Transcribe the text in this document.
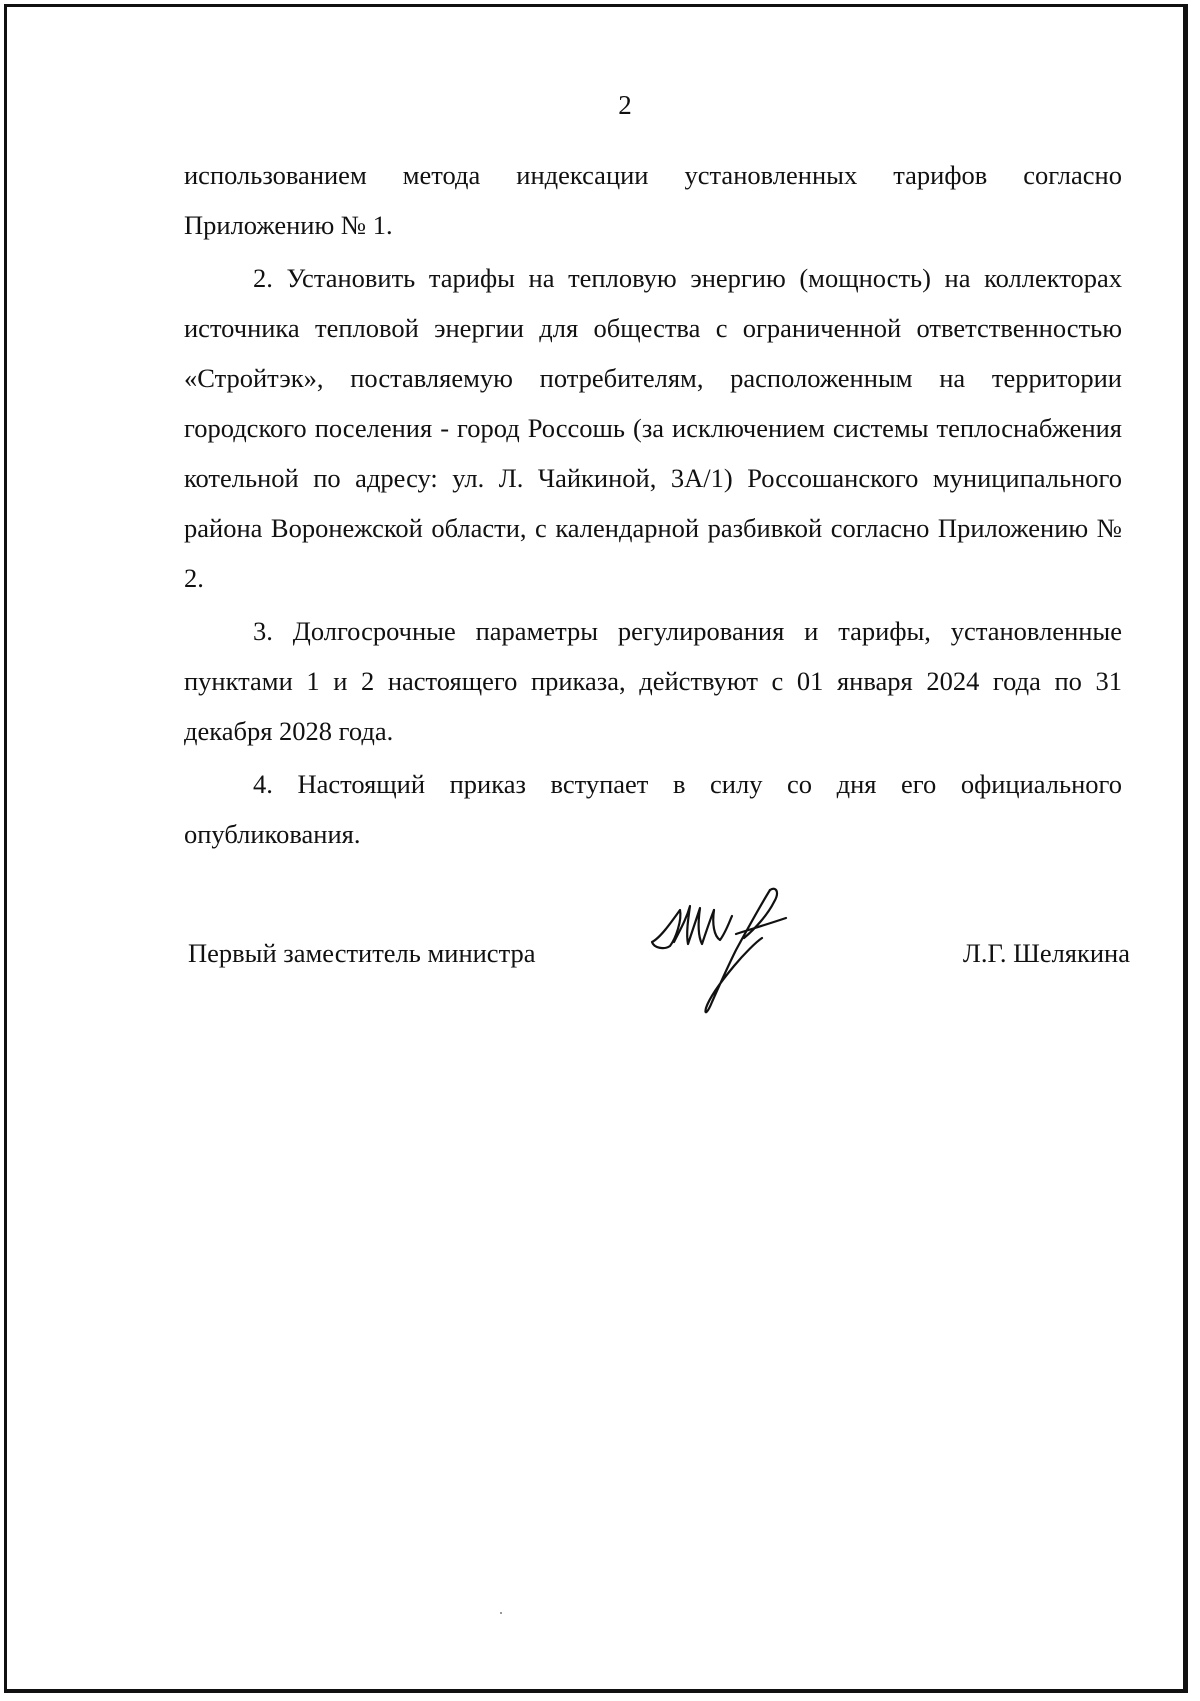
2

использованием метода индексации установленных тарифов согласно Приложению № 1.

2. Установить тарифы на тепловую энергию (мощность) на коллекторах источника тепловой энергии для общества с ограниченной ответственностью «Стройтэк», поставляемую потребителям, расположенным на территории городского поселения - город Россошь (за исключением системы теплоснабжения котельной по адресу: ул. Л. Чайкиной, 3А/1) Россошанского муниципального района Воронежской области, с календарной разбивкой согласно Приложению № 2.

3. Долгосрочные параметры регулирования и тарифы, установленные пунктами 1 и 2 настоящего приказа, действуют с 01 января 2024 года по 31 декабря 2028 года.

4. Настоящий приказ вступает в силу со дня его официального опубликования.

Первый заместитель министра	Л.Г. Шелякина
